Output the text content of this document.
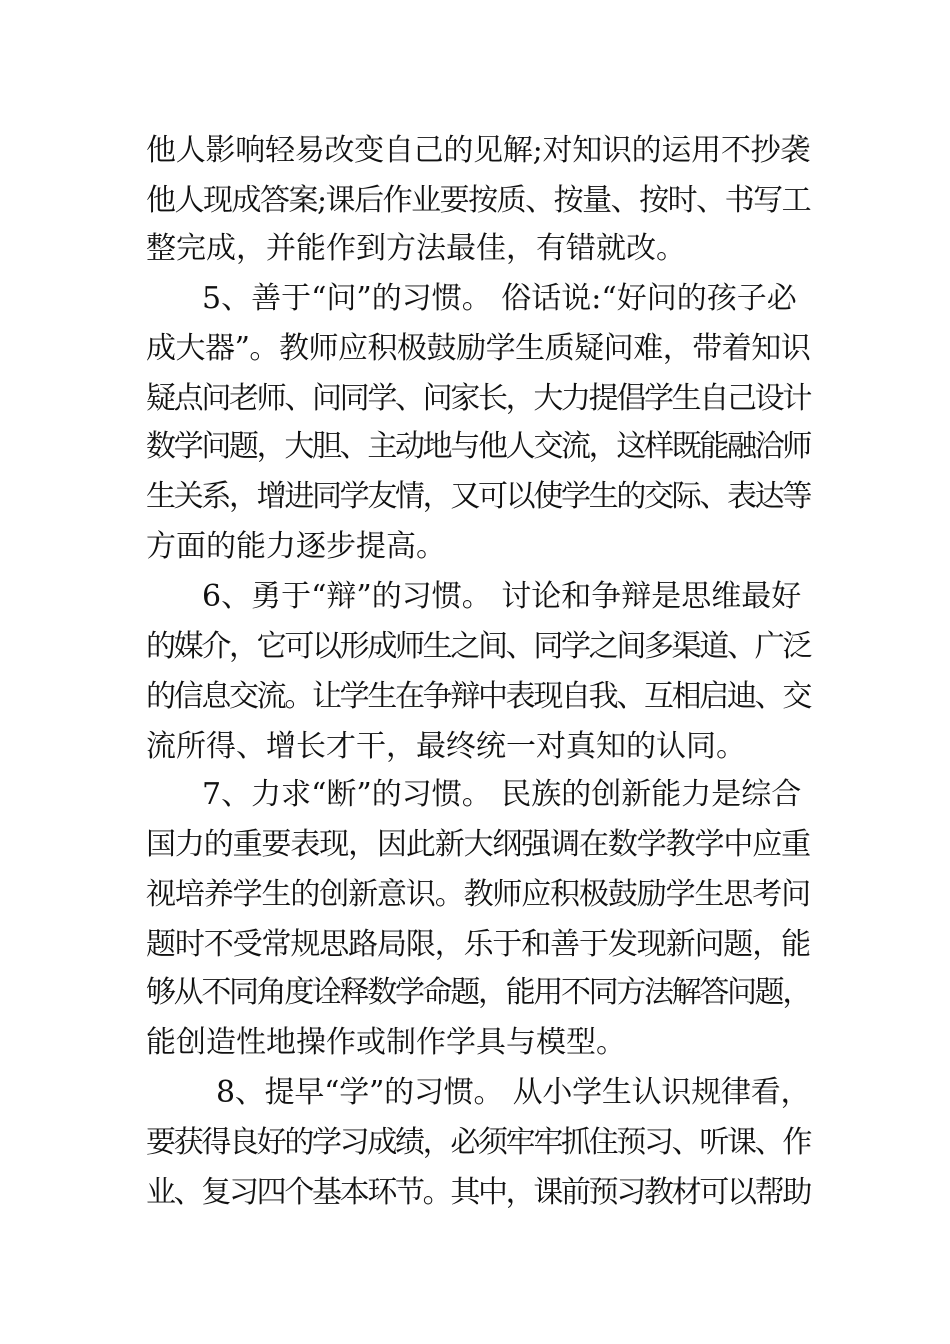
他人影响轻易改变自己的见解;对知识的运用不抄袭
他人现成答案;课后作业要按质、按量、按时、书写工
整完成，并能作到方法最佳，有错就改。
5、善于“问”的习惯。 俗话说:“好问的孩子必
成大器”。教师应积极鼓励学生质疑问难，带着知识
疑点问老师、问同学、问家长，大力提倡学生自己设计
数学问题，大胆、主动地与他人交流，这样既能融洽师
生关系，增进同学友情，又可以使学生的交际、表达等
方面的能力逐步提高。
6、勇于“辩”的习惯。 讨论和争辩是思维最好
的媒介，它可以形成师生之间、同学之间多渠道、广泛
的信息交流。让学生在争辩中表现自我、互相启迪、交
流所得、增长才干，最终统一对真知的认同。
7、力求“断”的习惯。 民族的创新能力是综合
国力的重要表现，因此新大纲强调在数学教学中应重
视培养学生的创新意识。教师应积极鼓励学生思考问
题时不受常规思路局限，乐于和善于发现新问题，能
够从不同角度诠释数学命题，能用不同方法解答问题，
能创造性地操作或制作学具与模型。
8、提早“学”的习惯。 从小学生认识规律看，
要获得良好的学习成绩，必须牢牢抓住预习、听课、作
业、复习四个基本环节。其中，课前预习教材可以帮助
